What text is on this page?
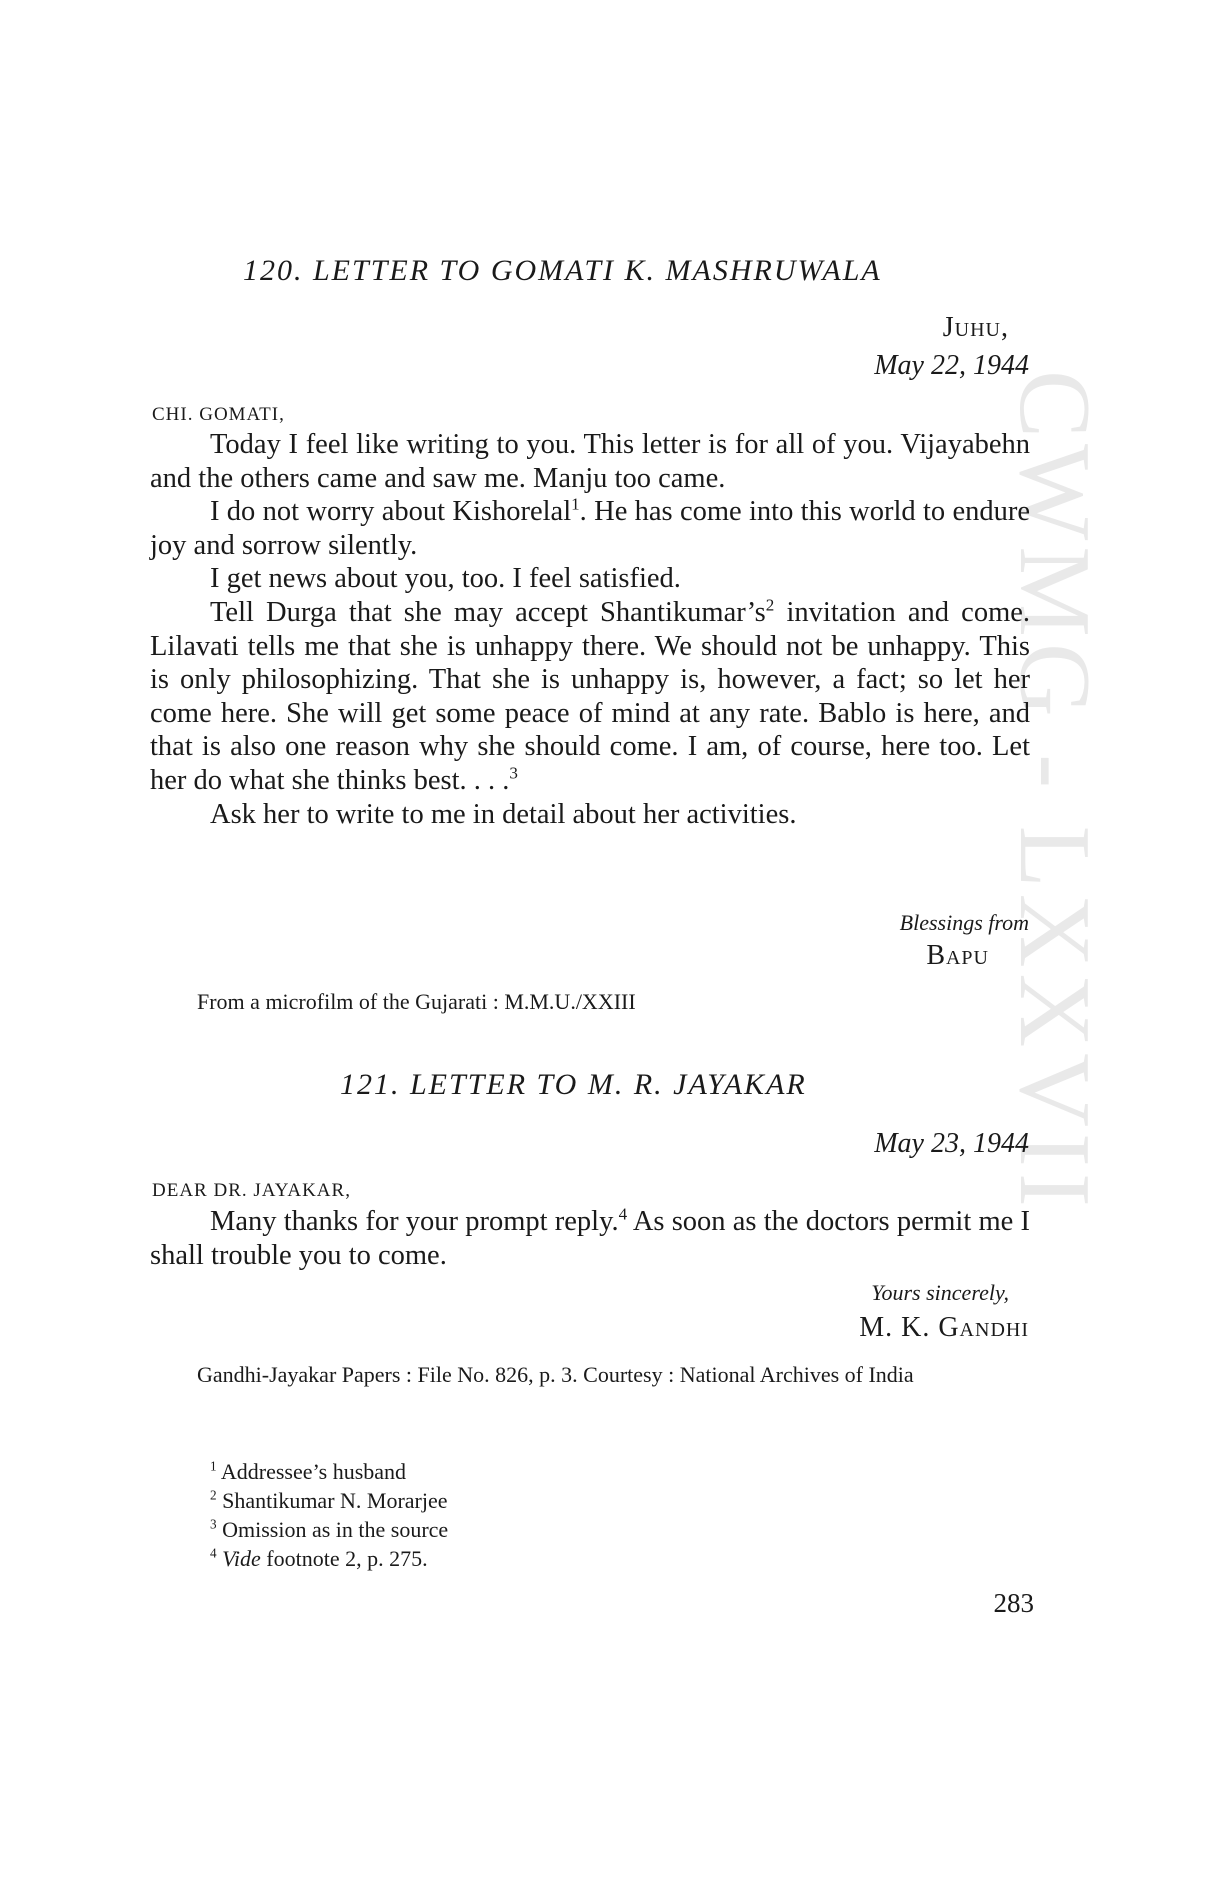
CWMG - LXXVII
120. LETTER TO GOMATI K. MASHRUWALA
Juhu,
May 22, 1944
CHI. GOMATI,

Today I feel like writing to you. This letter is for all of you. Vijayabehn and the others came and saw me. Manju too came.

I do not worry about Kishorelal$^1$. He has come into this world to endure joy and sorrow silently.

I get news about you, too. I feel satisfied.

Tell Durga that she may accept $Shantikumar’s^2$ invitation and come. Lilavati tells me that she is unhappy there. We should not be unhappy. This is only philosophizing. That she is unhappy is, however, a fact; so let her come here. She will get some peace of mind at any rate. Bablo is here, and that is also one reason why she should come. I am, of course, here too. Let her do what she thinks best. . . .$^3$

Ask her to write to me in detail about her activities.

Blessings from
Bapu
From a microfilm of the Gujarati : M.M.U./XXIII
121. LETTER TO M. R. JAYAKAR
May 23, 1944
DEAR DR. JAYAKAR,

Many thanks for your prompt reply.$^4$ As soon as the doctors permit me I shall trouble you to come.

Yours sincerely,
M. K. Gandhi
Gandhi-Jayakar Papers : File No. 826, p. 3. Courtesy : National Archives of India
$^1$ Addressee’s husband
$^2$ Shantikumar N. Morarjee
$^3$ Omission as in the source
$^4$ Vide footnote 2, p. 275.
283
